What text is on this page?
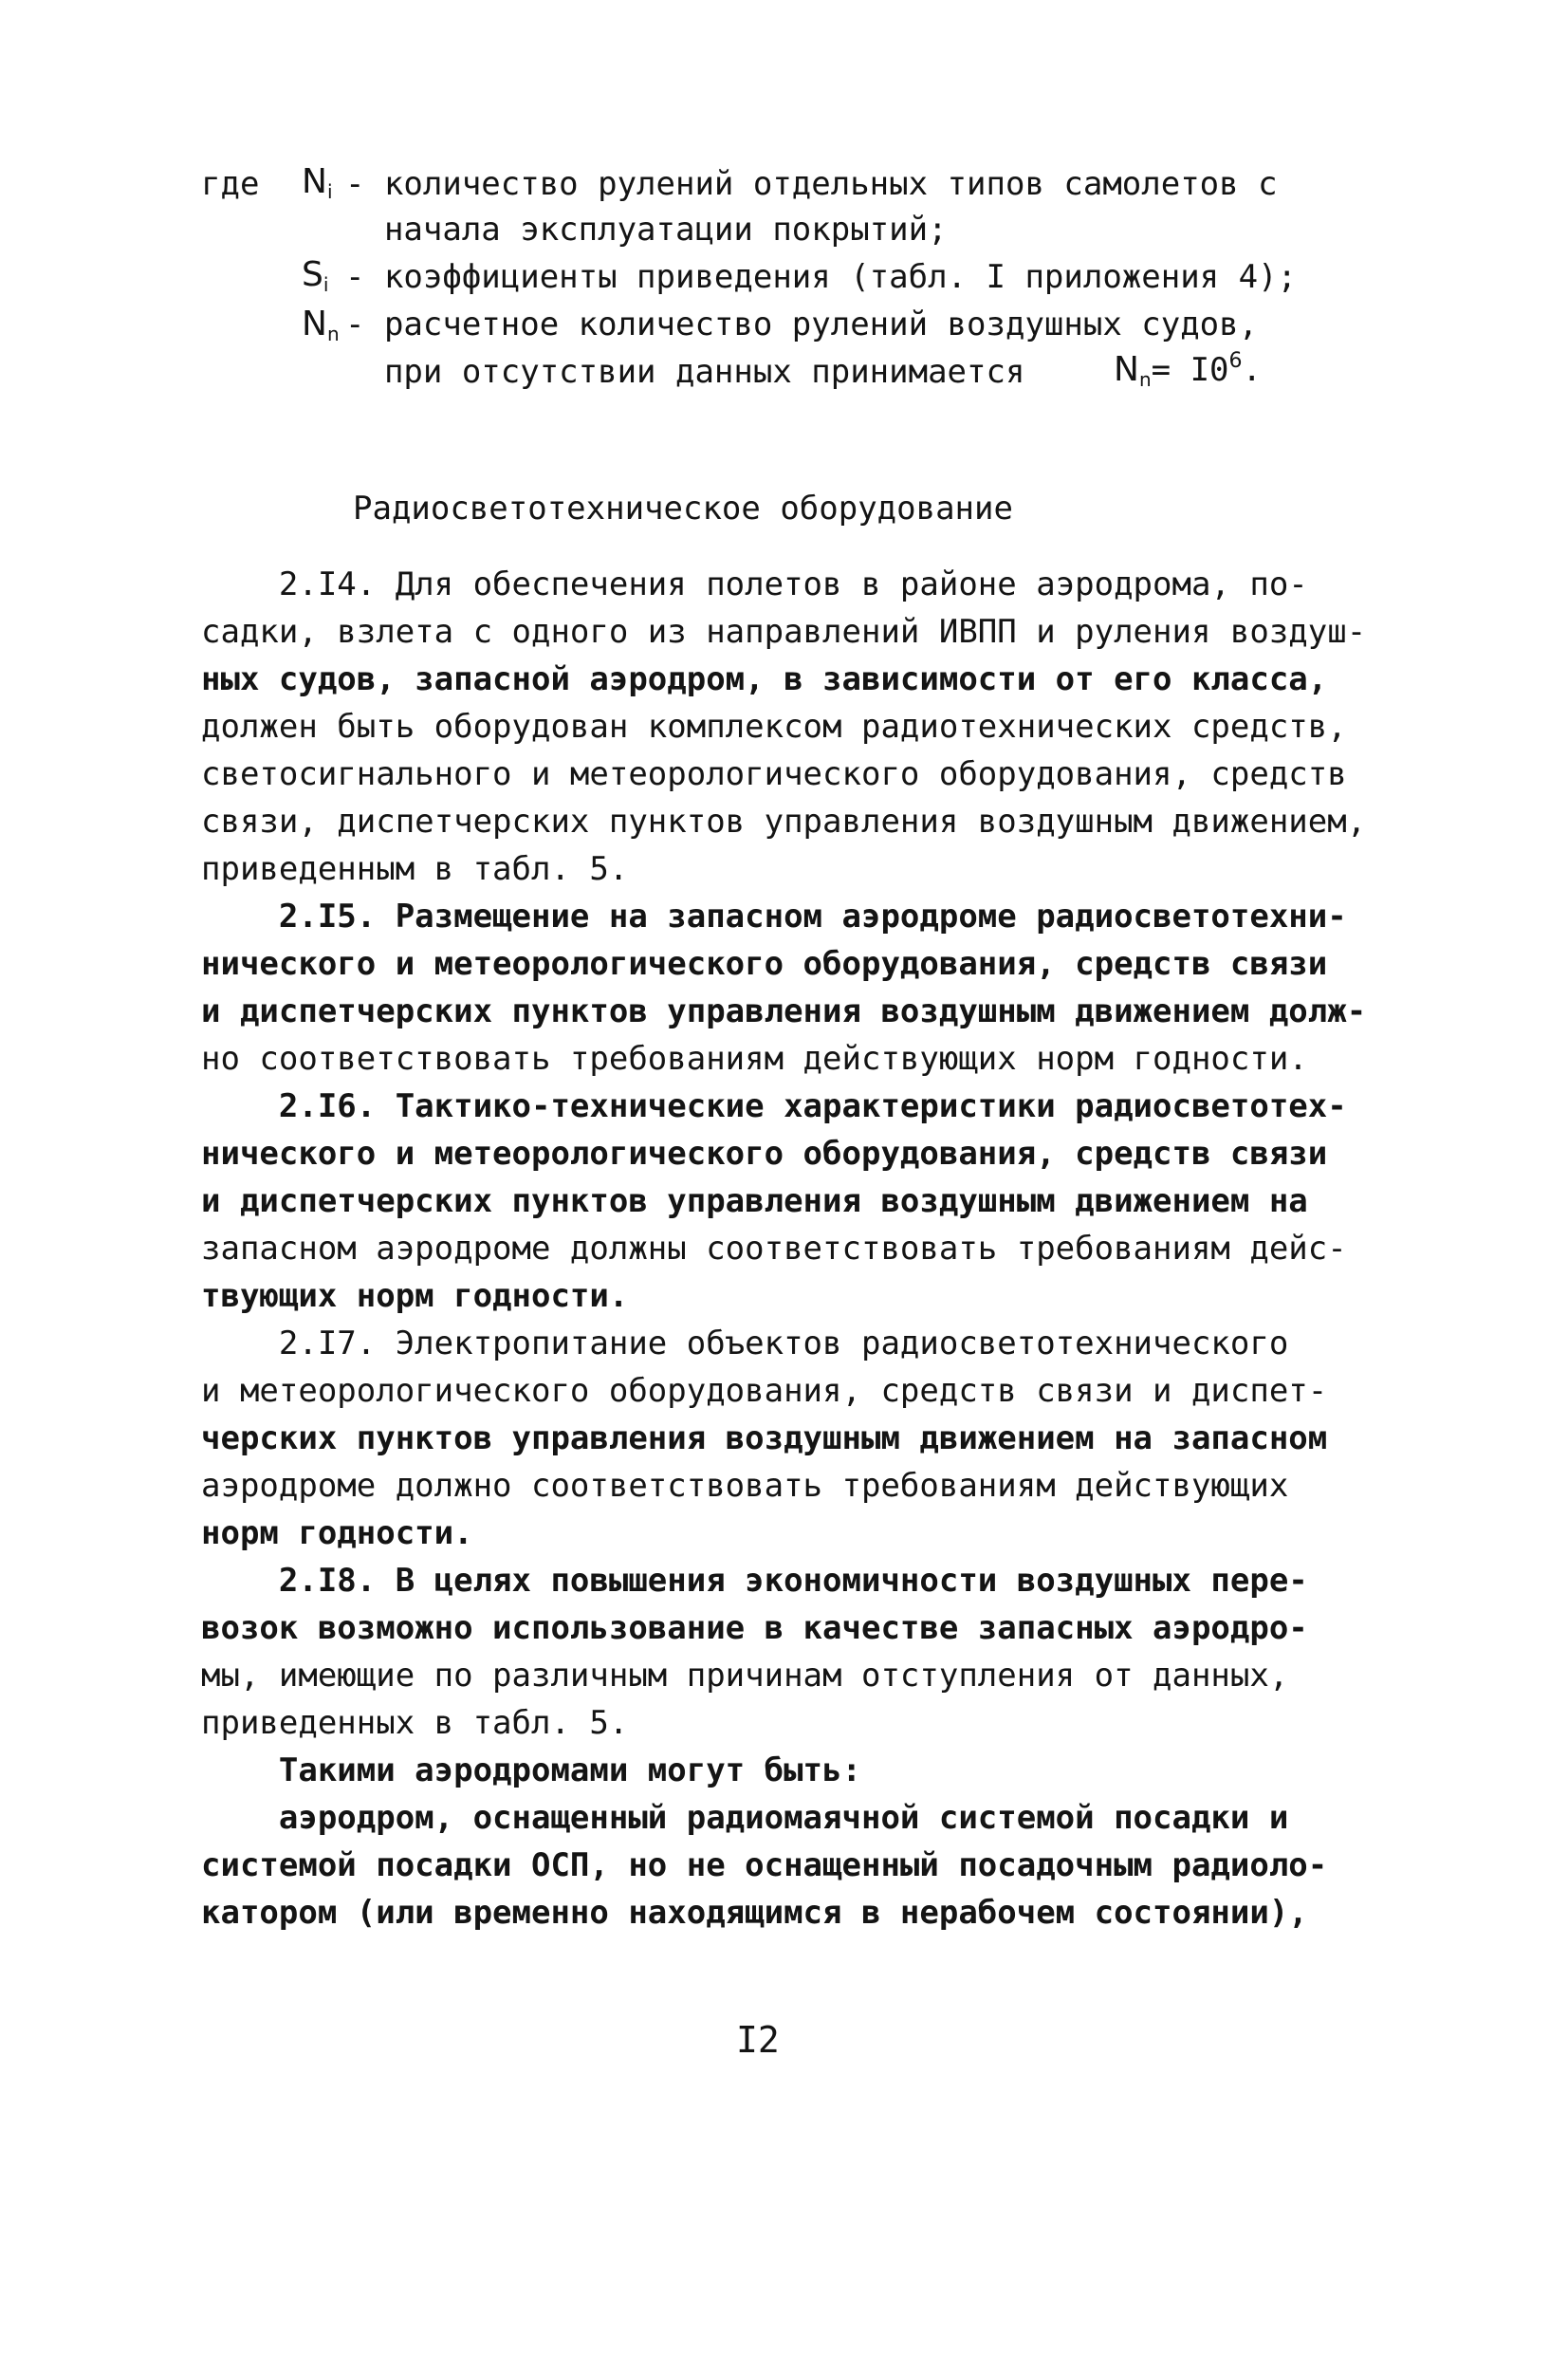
где $N_i$ - количество рулений отдельных типов самолетов с
начала эксплуатации покрытий;
$S_i$ - коэффициенты приведения (табл. I приложения 4);
$N_n$ - расчетное количество рулений воздушных судов,
при отсутствии данных принимается	$N_n= I0^6$.
Радиосветотехническое оборудование
2.I4. Для обеспечения полетов в районе аэродрома, по-
садки, взлета с одного из направлений ИВПП и руления воздуш-
ных судов, запасной аэродром, в зависимости от его класса,
должен быть оборудован комплексом радиотехнических средств,
светосигнального и метеорологического оборудования, средств
связи, диспетчерских пунктов управления воздушным движением,
приведенным в табл. 5.
2.I5. Размещение на запасном аэродроме радиосветотехни-
нического и метеорологического оборудования, средств связи
и диспетчерских пунктов управления воздушным движением долж-
но соответствовать требованиям действующих норм годности.
2.I6. Тактико-технические характеристики радиосветотех-
нического и метеорологического оборудования, средств связи
и диспетчерских пунктов управления воздушным движением на
запасном аэродроме должны соответствовать требованиям дейс-
твующих норм годности.
2.I7. Электропитание объектов радиосветотехнического
и метеорологического оборудования, средств связи и диспет-
черских пунктов управления воздушным движением на запасном
аэродроме должно соответствовать требованиям действующих
норм годности.
2.I8. В целях повышения экономичности воздушных пере-
возок возможно использование в качестве запасных аэродро-
мы, имеющие по различным причинам отступления от данных,
приведенных в табл. 5.
Такими аэродромами могут быть:
аэродром, оснащенный радиомаячной системой посадки и
системой посадки ОСП, но не оснащенный посадочным радиоло-
катором (или временно находящимся в нерабочем состоянии),
I2
